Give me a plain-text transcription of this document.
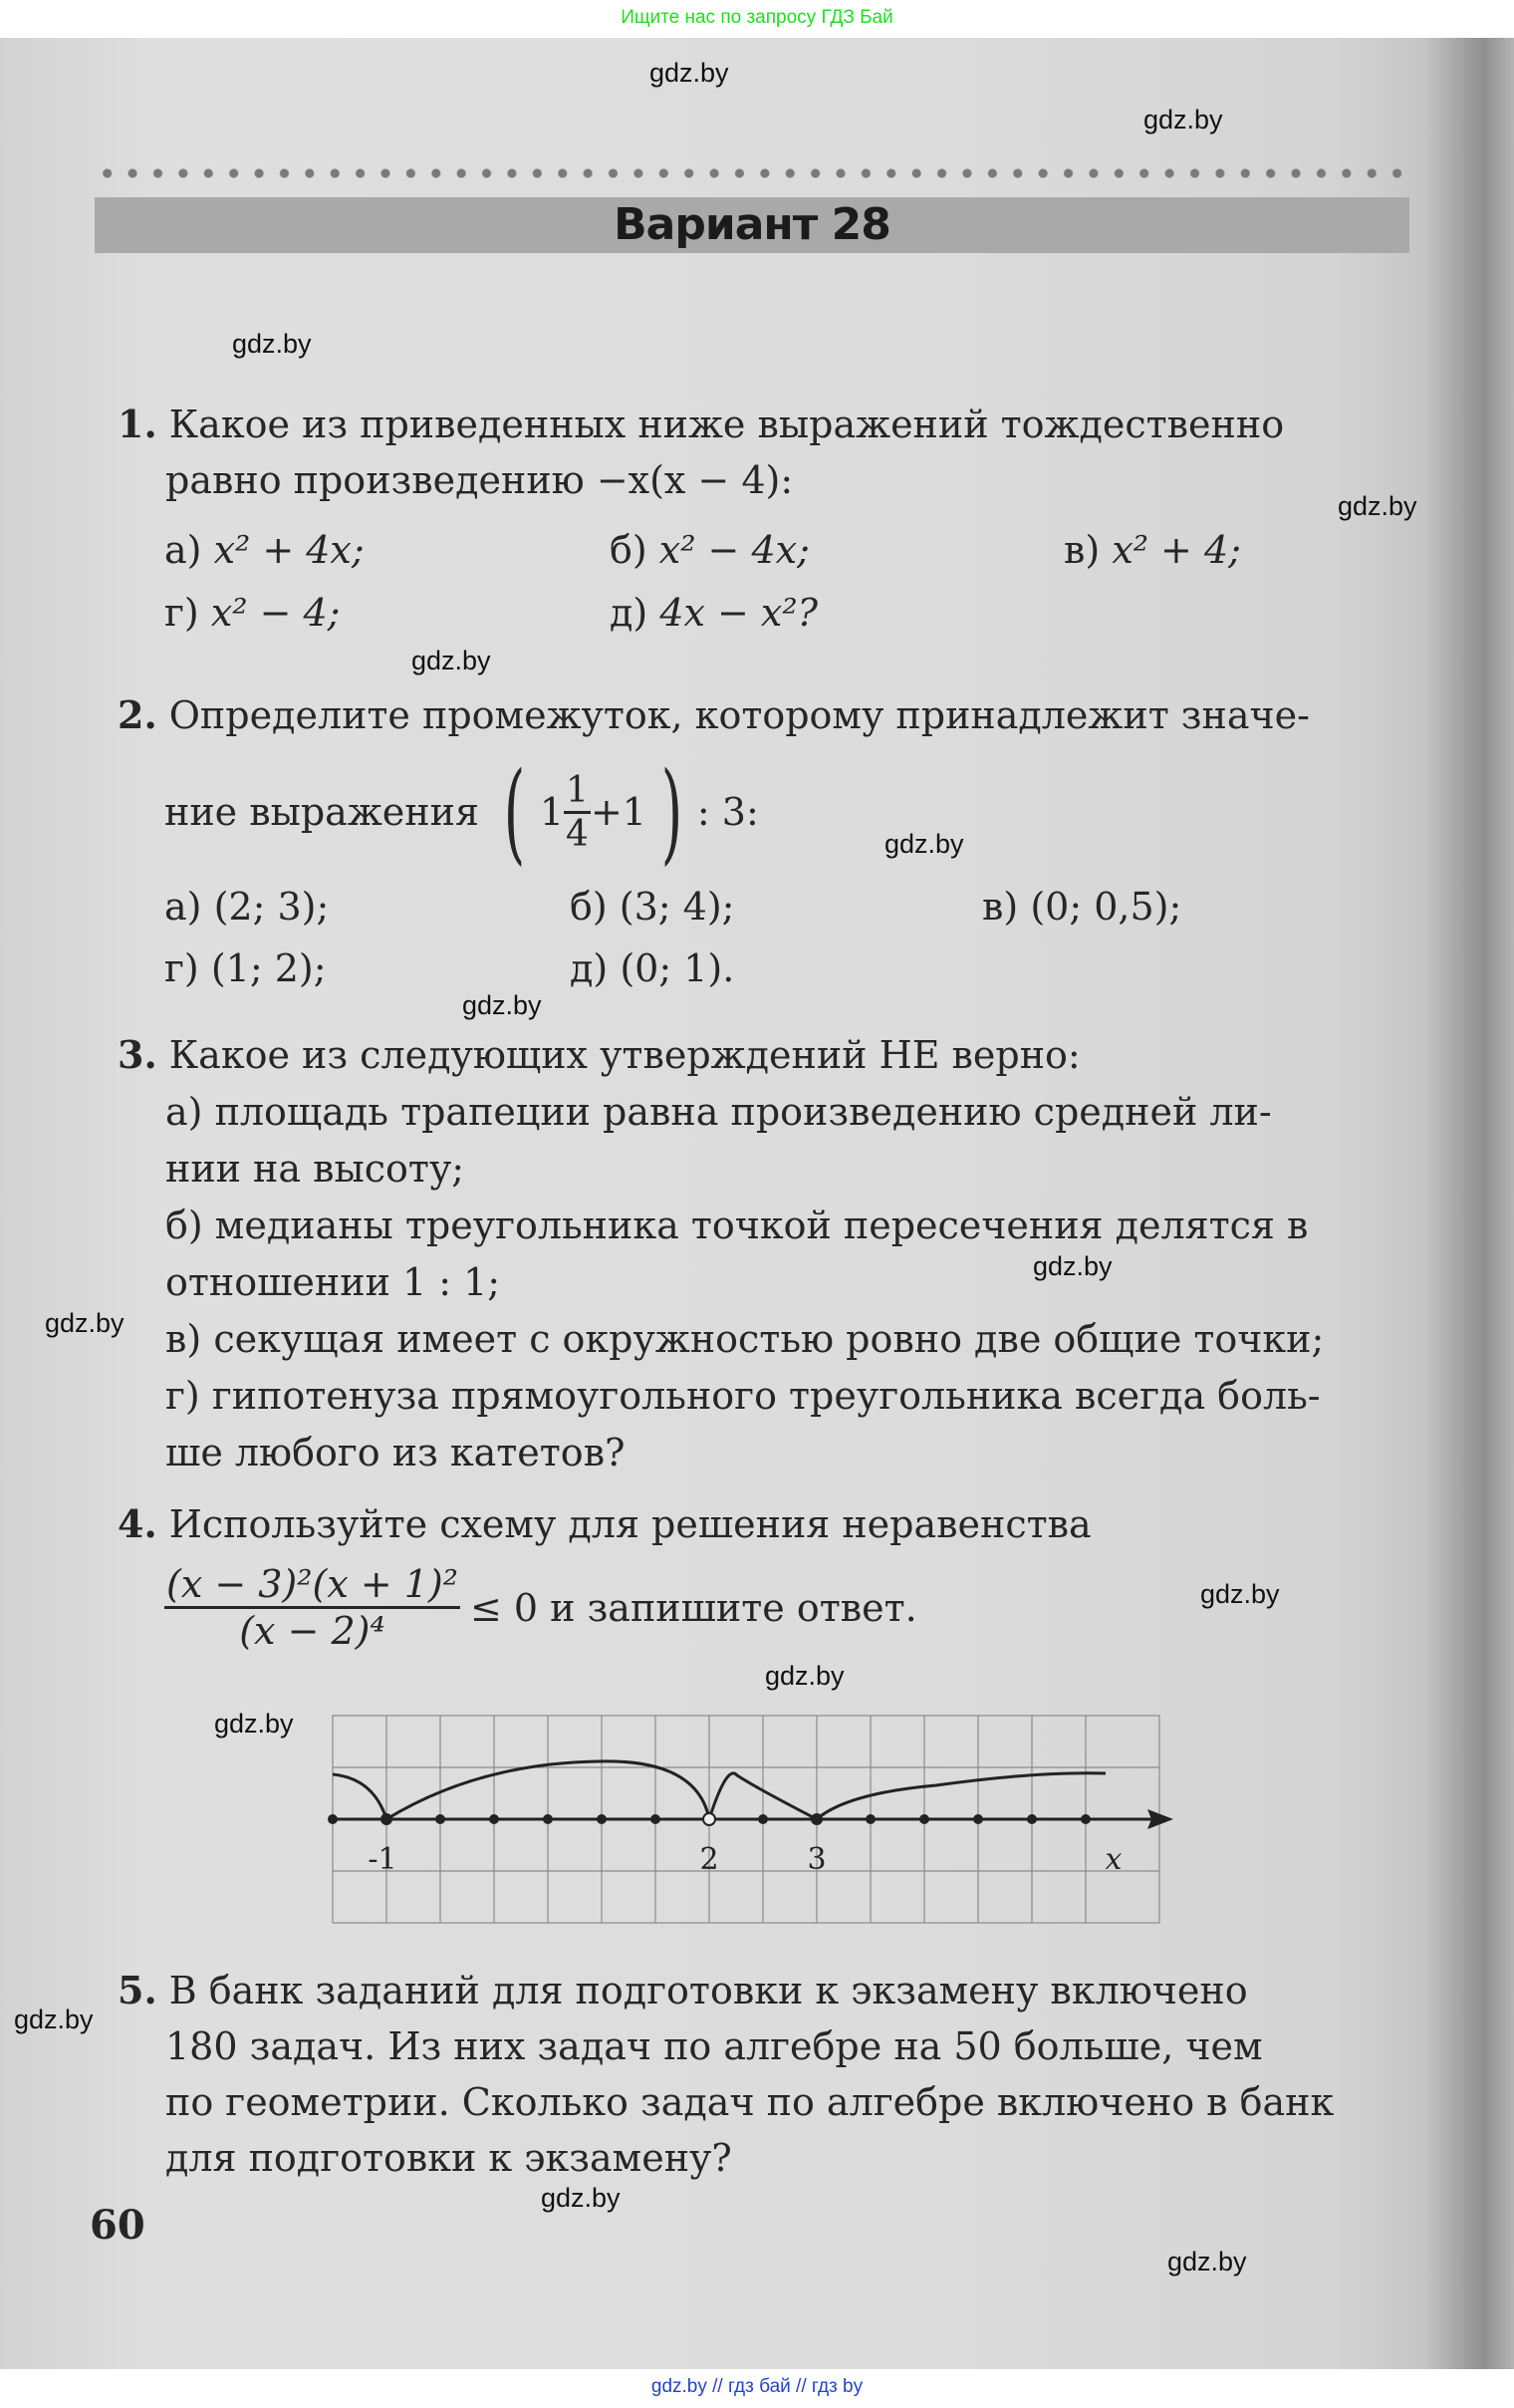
Ищите нас по запросу ГДЗ Бай
gdz.by
gdz.by
gdz.by
gdz.by
gdz.by
gdz.by
gdz.by
gdz.by
gdz.by
gdz.by
gdz.by
gdz.by
gdz.by
gdz.by
gdz.by
Вариант 28
1. Какое из приведенных ниже выражений тождественно
равно произведению −x(x − 4):
а) x² + 4x;	б) x² − 4x;	в) x² + 4;
г) x² − 4;	д) 4x − x²?
2. Определите промежуток, которому принадлежит значе-
ние выражения ( $1 \frac{1}{4} +1$ ) : 3:
а) (2; 3);	б) (3; 4);	в) (0; 0,5);
г) (1; 2);	д) (0; 1).
3. Какое из следующих утверждений НЕ верно:
а) площадь трапеции равна произведению средней ли-
нии на высоту;
б) медианы треугольника точкой пересечения делятся в
отношении 1 : 1;
в) секущая имеет с окружностью ровно две общие точки;
г) гипотенуза прямоугольного треугольника всегда боль-
ше любого из катетов?
4. Используйте схему для решения неравенства
$\frac{\text{(x − 3)²(x + 1)²}}{\text{(x − 2)⁴}} \le 0$ и запишите ответ.
-1	2	3	x
5. В банк заданий для подготовки к экзамену включено
180 задач. Из них задач по алгебре на 50 больше, чем
по геометрии. Сколько задач по алгебре включено в банк
для подготовки к экзамену?
60
gdz.by // гдз бай // гдз by
